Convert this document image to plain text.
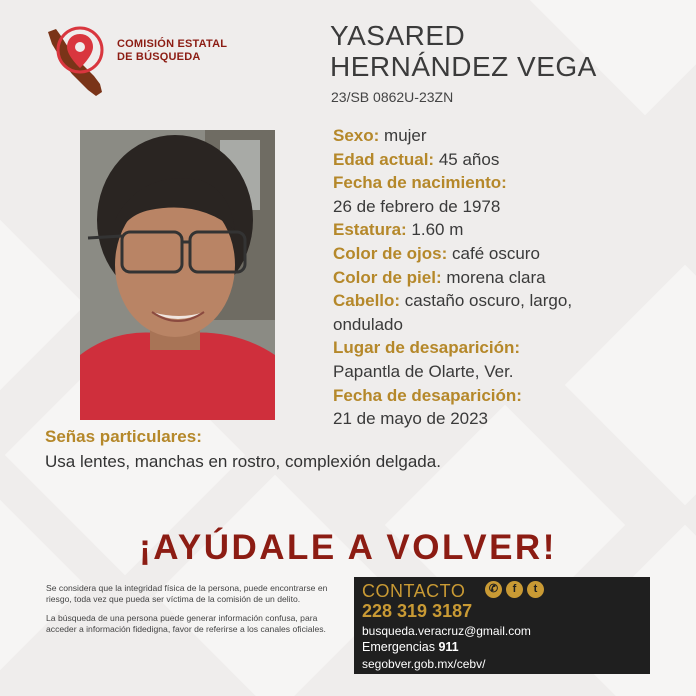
COMISIÓN ESTATAL
DE BÚSQUEDA
YASARED
HERNÁNDEZ VEGA
23/SB 0862U-23ZN
Sexo: mujer
Edad actual: 45 años
Fecha de nacimiento:
26 de febrero de 1978
Estatura: 1.60 m
Color de ojos: café oscuro
Color de piel: morena clara
Cabello: castaño oscuro, largo,
ondulado
Lugar de desaparición:
Papantla de Olarte, Ver.
Fecha de desaparición:
21 de mayo de 2023
Señas particulares:
Usa lentes, manchas en rostro, complexión delgada.
¡AYÚDALE A VOLVER!

Se considera que la integridad física de la persona, puede encontrarse en riesgo, toda vez que pueda ser víctima de la comisión de un delito.

La búsqueda de una persona puede generar información confusa, para acceder a información fidedigna, favor de referirse a los canales oficiales.

CONTACTO	✆ f t
228 319 3187
busqueda.veracruz@gmail.com
Emergencias 911
segobver.gob.mx/cebv/
